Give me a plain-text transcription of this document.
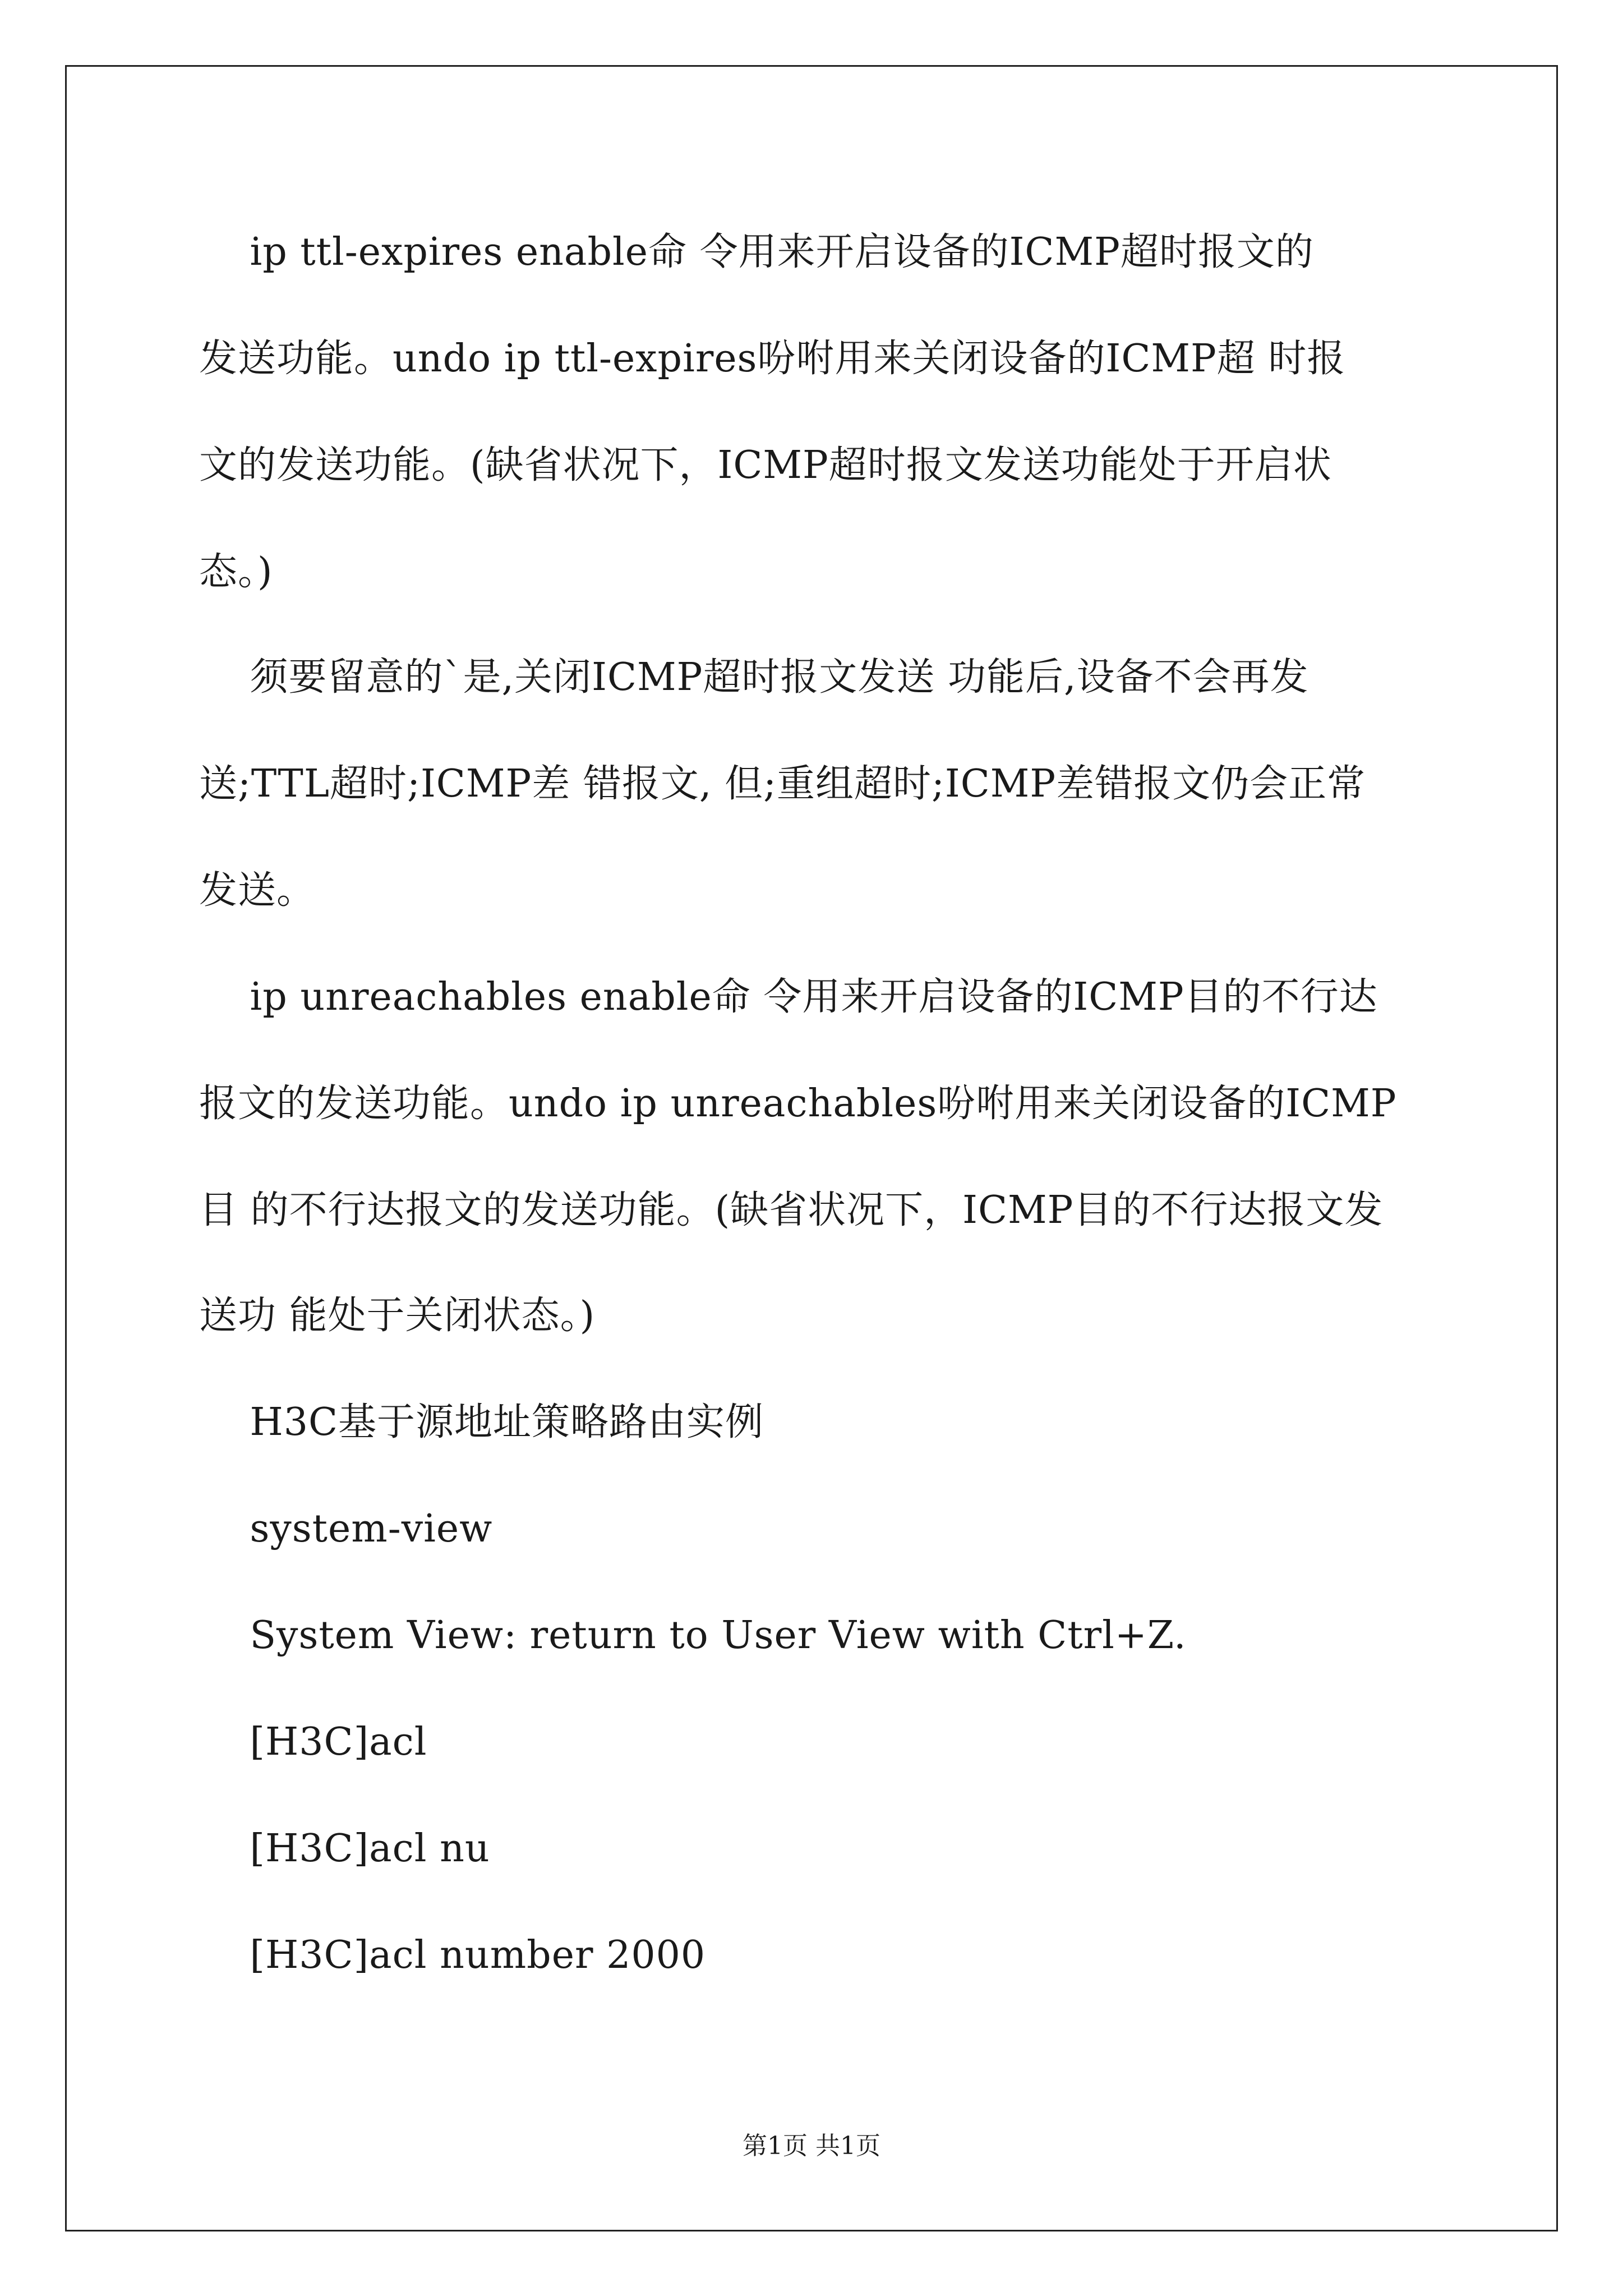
ip ttl-expires enable命 令用来开启设备的ICMP超时报文的
发送功能。undo ip ttl-expires吩咐用来关闭设备的ICMP超 时报
文的发送功能。(缺省状况下，ICMP超时报文发送功能处于开启状
态。)
须要留意的`是,关闭ICMP超时报文发送 功能后,设备不会再发
送;TTL超时;ICMP差 错报文, 但;重组超时;ICMP差错报文仍会正常
发送。
ip unreachables enable命 令用来开启设备的ICMP目的不行达
报文的发送功能。undo ip unreachables吩咐用来关闭设备的ICMP
目 的不行达报文的发送功能。(缺省状况下，ICMP目的不行达报文发
送功 能处于关闭状态。)
H3C基于源地址策略路由实例
system-view
System View: return to User View with Ctrl+Z.
[H3C]acl
[H3C]acl nu
[H3C]acl number 2000
第1页 共1页
